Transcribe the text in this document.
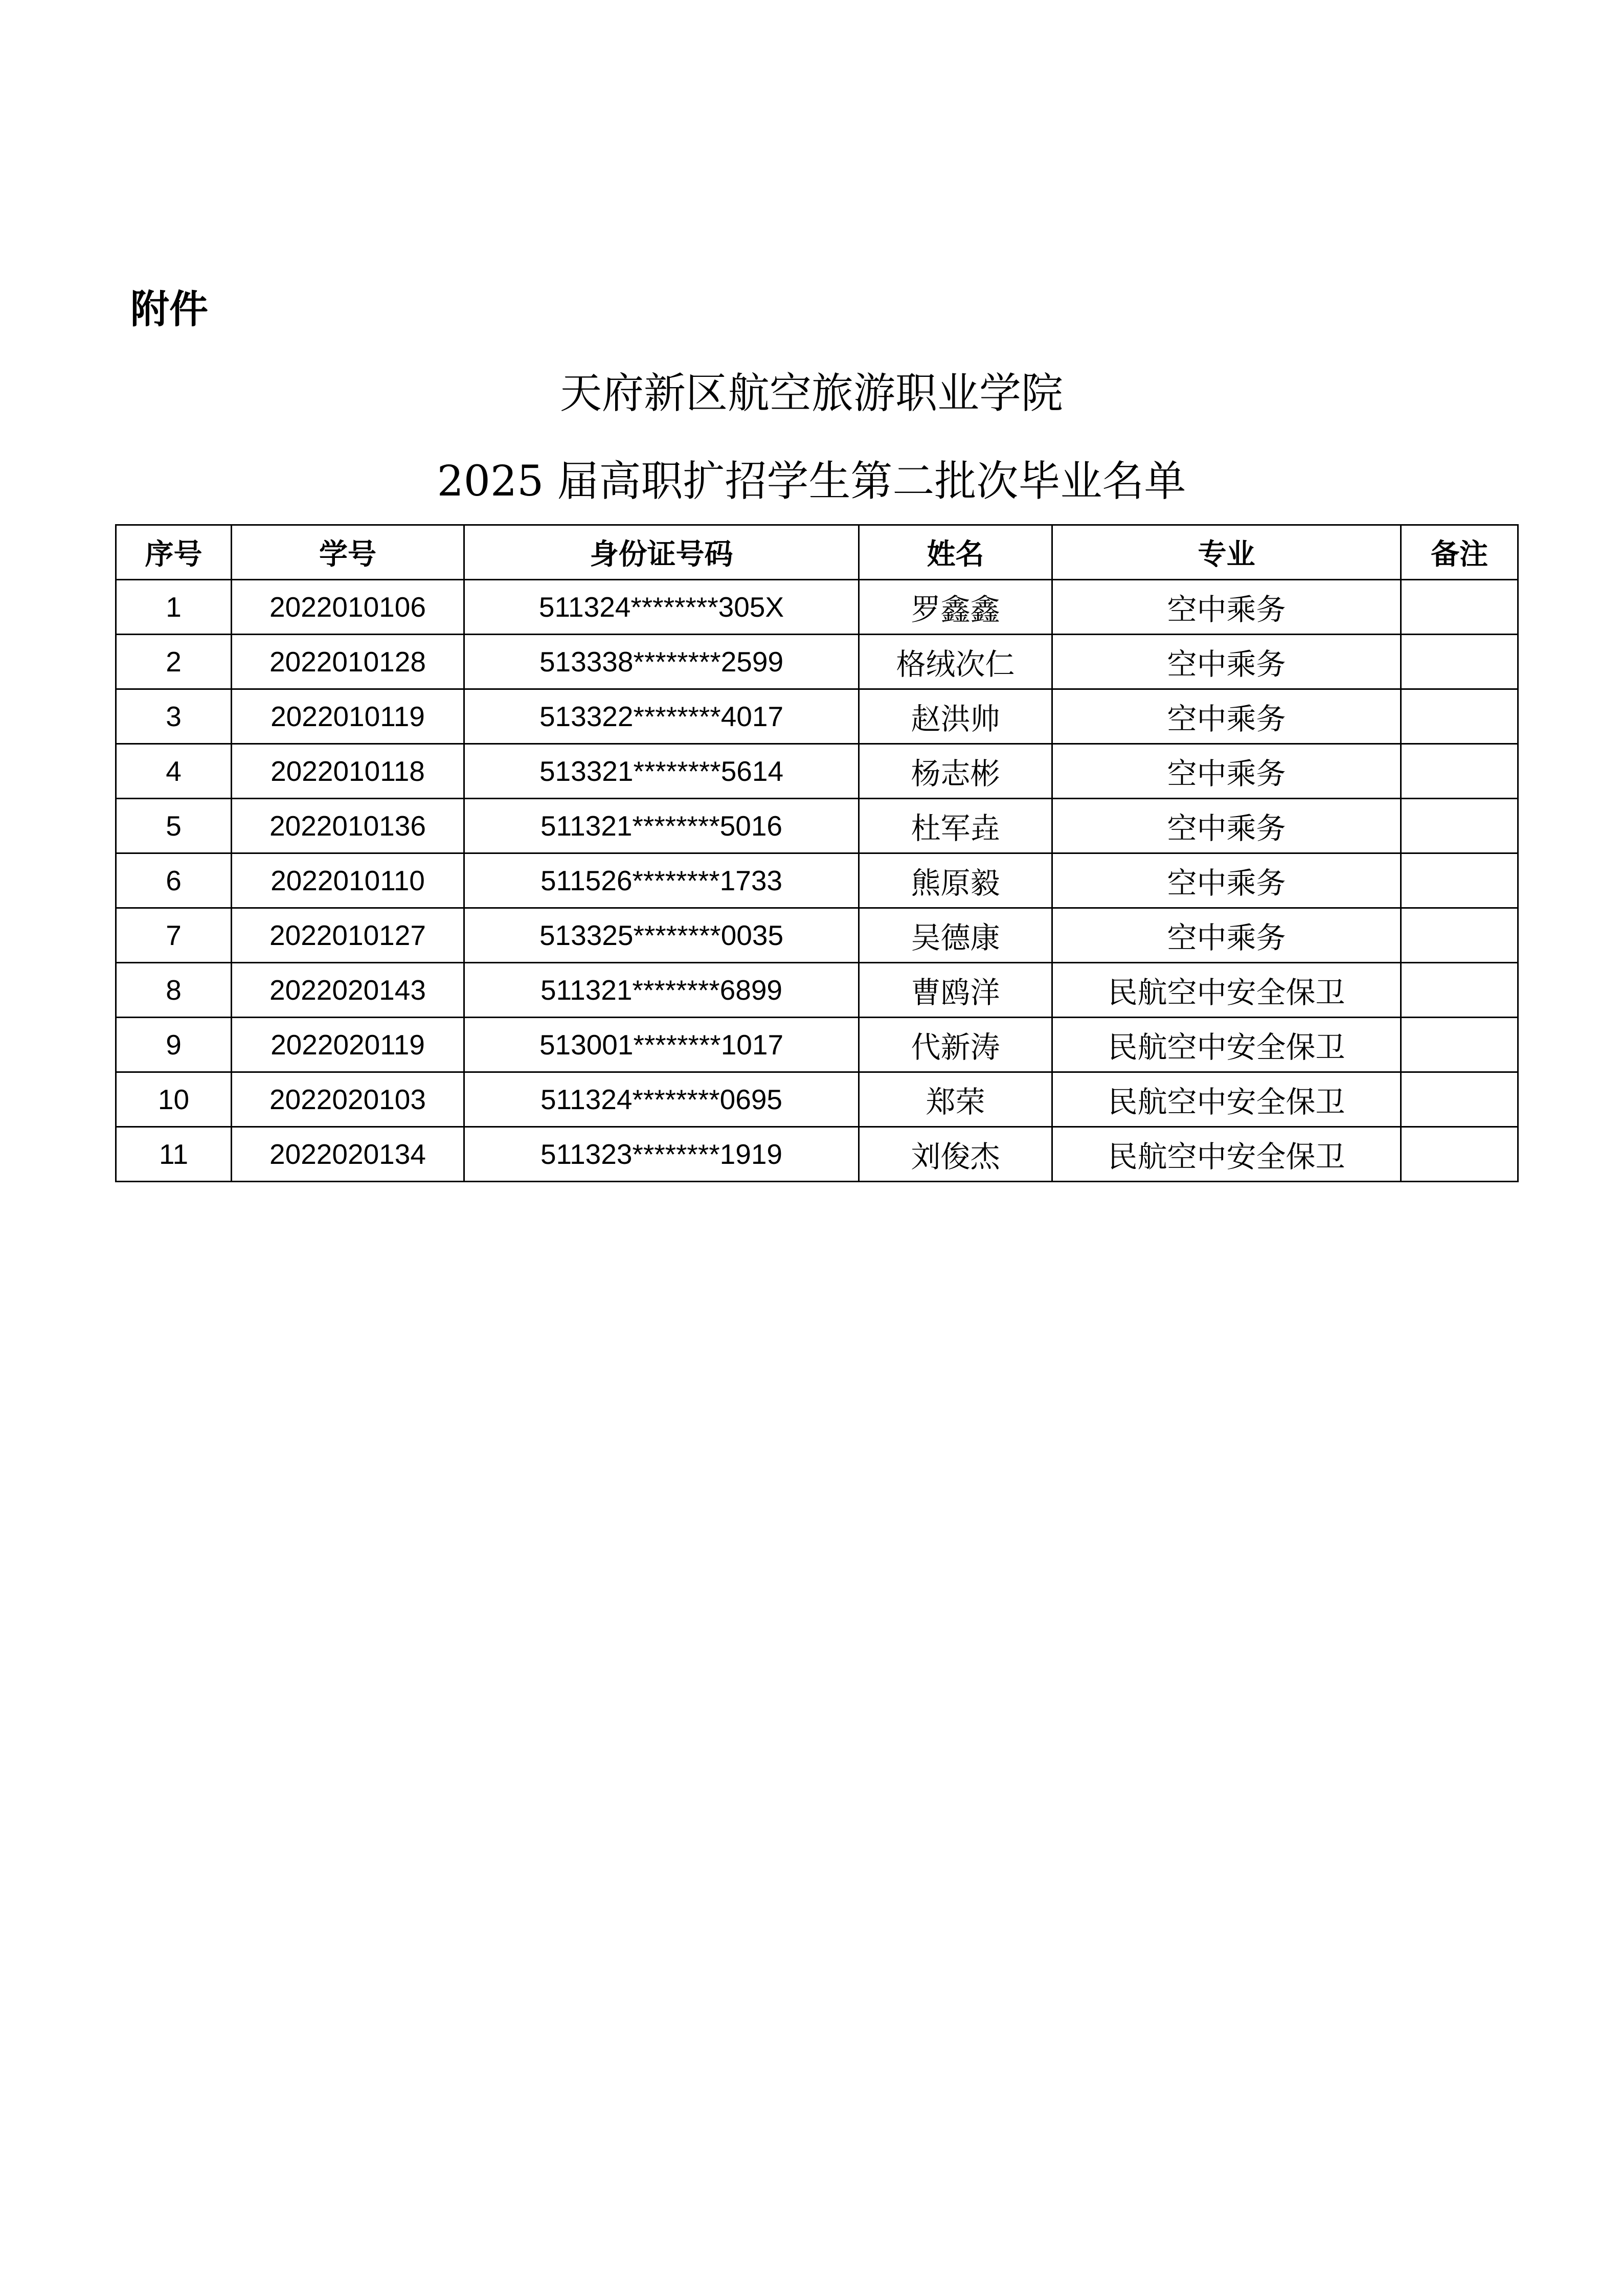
附件
天府新区航空旅游职业学院
2025 届高职扩招学生第二批次毕业名单
序号	学号	身份证号码	姓名	专业	备注
1	2022010106	511324********305X	罗鑫鑫	空中乘务	
2	2022010128	513338********2599	格绒次仁	空中乘务	
3	2022010119	513322********4017	赵洪帅	空中乘务	
4	2022010118	513321********5614	杨志彬	空中乘务	
5	2022010136	511321********5016	杜军垚	空中乘务	
6	2022010110	511526********1733	熊原毅	空中乘务	
7	2022010127	513325********0035	吴德康	空中乘务	
8	2022020143	511321********6899	曹鸥洋	民航空中安全保卫	
9	2022020119	513001********1017	代新涛	民航空中安全保卫	
10	2022020103	511324********0695	郑荣	民航空中安全保卫	
11	2022020134	511323********1919	刘俊杰	民航空中安全保卫	
